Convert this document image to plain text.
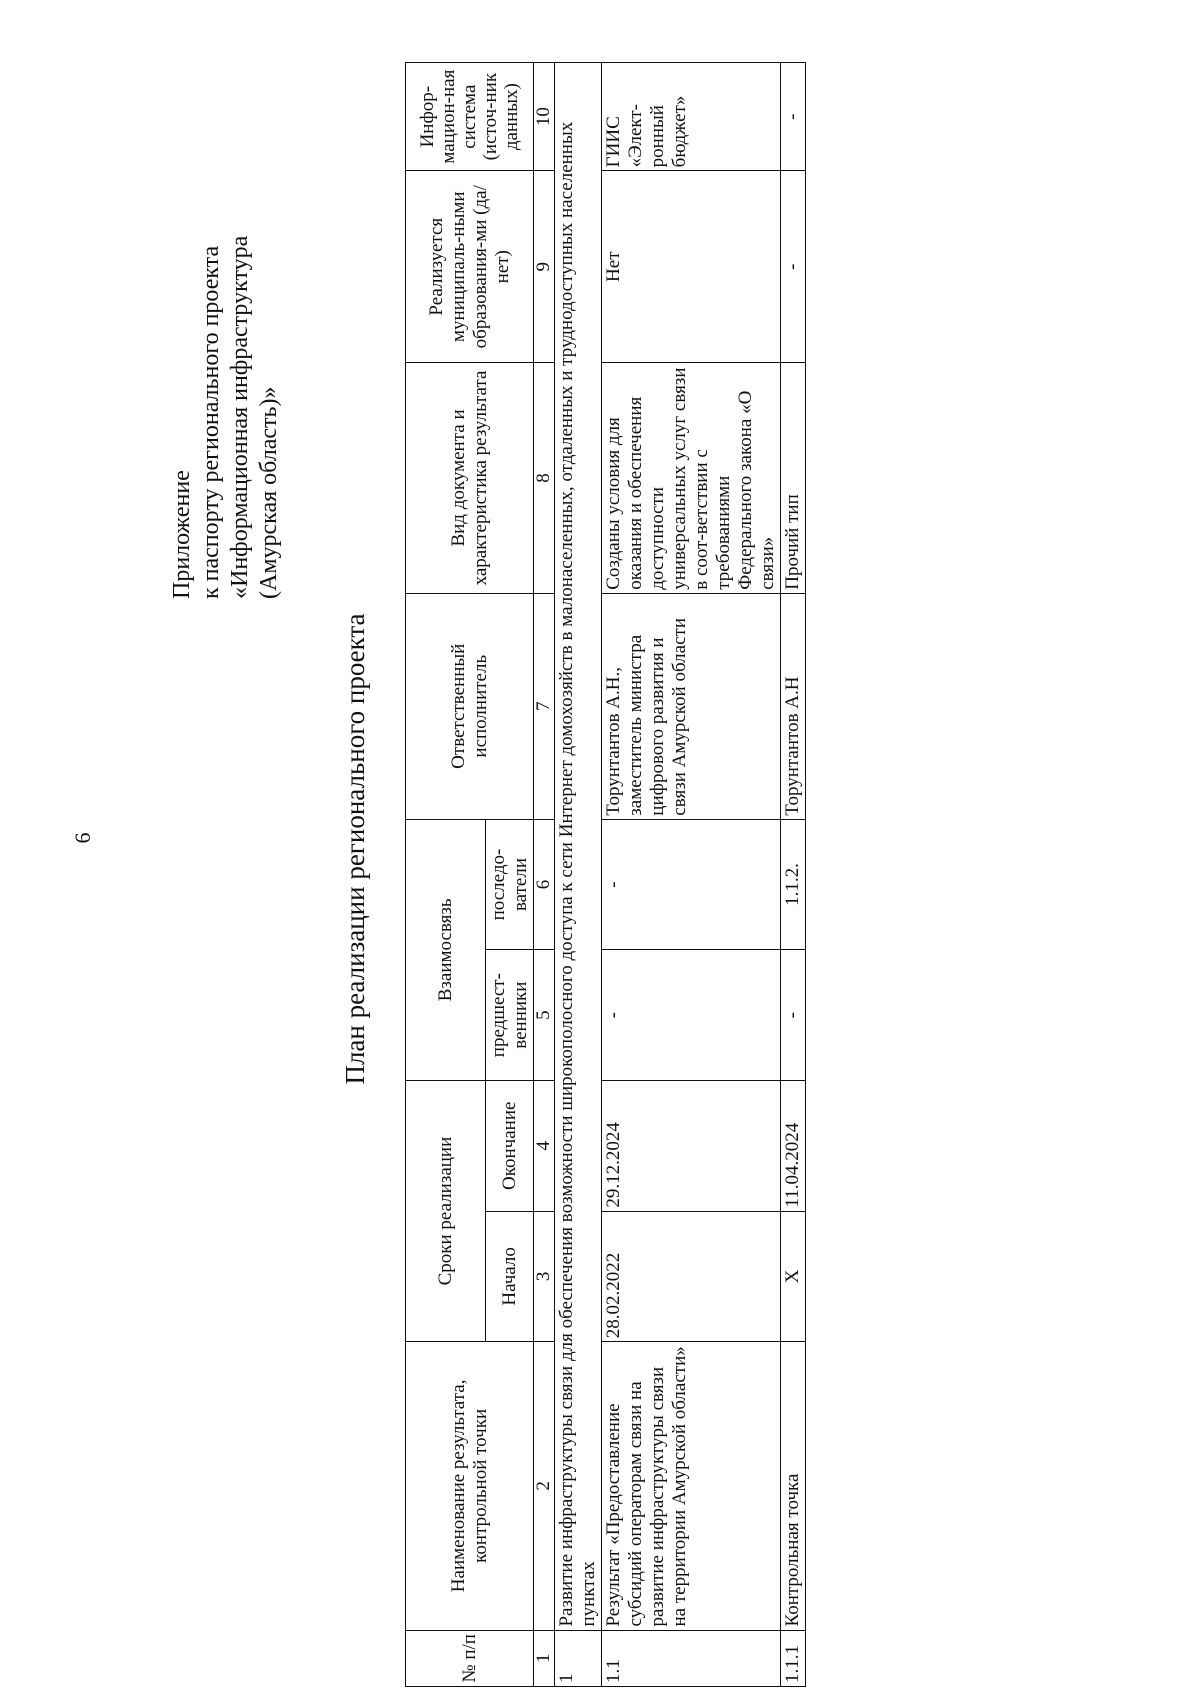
6
Приложение к паспорту регионального проекта «Информационная инфраструктура (Амурская область)»
План реализации регионального проекта
№ п/п	Наименование результата, контрольной точки	Сроки реализации		Взаимосвязь		Ответственный исполнитель	Вид документа и характеристика результата	Реализуется муниципаль-ными образования-ми (да/нет)	Инфор-мацион-ная система (источ-ник данных)
		Начало	Окончание	предшест-венники	последо-ватели				
1	2	3	4	5	6	7	8	9	10
1	Развитие инфраструктуры связи для обеспечения возможности широкополосного доступа к сети Интернет домохозяйств в малонаселенных, отдаленных и труднодоступных населенных пунктах								
1.1	Результат «Предоставление субсидий операторам связи на развитие инфраструктуры связи на территории Амурской области»	28.02.2022	29.12.2024	-	-	Торунтантов А.Н., заместитель министра цифрового развития и связи Амурской области	Созданы условия для оказания и обеспечения доступности универсальных услуг связи в соот-ветствии с требованиями Федерального закона «О связи»	Нет	ГИИС «Элект-ронный бюджет»
1.1.1	Контрольная точка	Х	11.04.2024	-	1.1.2.	Торунтантов А.Н	Прочий тип	-	-
